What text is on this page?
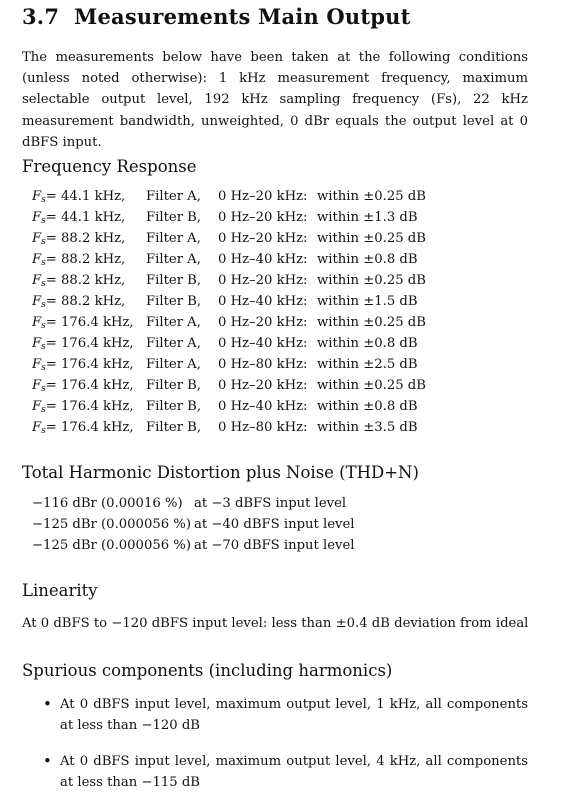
3.7 Measurements Main Output

The measurements below have been taken at the following conditions (unless noted otherwise): 1 kHz measurement frequency, maximum selectable output level, 192 kHz sampling frequency (Fs), 22 kHz measurement bandwidth, unweighted, 0 dBr equals the output level at 0 dBFS input.

Frequency Response
Fs= 44.1 kHz, Filter A, 0 Hz–20 kHz: within ±0.25 dB
Fs= 44.1 kHz, Filter B, 0 Hz–20 kHz: within ±1.3 dB
Fs= 88.2 kHz, Filter A, 0 Hz–20 kHz: within ±0.25 dB
Fs= 88.2 kHz, Filter A, 0 Hz–40 kHz: within ±0.8 dB
Fs= 88.2 kHz, Filter B, 0 Hz–20 kHz: within ±0.25 dB
Fs= 88.2 kHz, Filter B, 0 Hz–40 kHz: within ±1.5 dB
Fs= 176.4 kHz, Filter A, 0 Hz–20 kHz: within ±0.25 dB
Fs= 176.4 kHz, Filter A, 0 Hz–40 kHz: within ±0.8 dB
Fs= 176.4 kHz, Filter A, 0 Hz–80 kHz: within ±2.5 dB
Fs= 176.4 kHz, Filter B, 0 Hz–20 kHz: within ±0.25 dB
Fs= 176.4 kHz, Filter B, 0 Hz–40 kHz: within ±0.8 dB
Fs= 176.4 kHz, Filter B, 0 Hz–80 kHz: within ±3.5 dB
Total Harmonic Distortion plus Noise (THD+N)
−116 dBr (0.00016 %) at −3 dBFS input level
−125 dBr (0.000056 %) at −40 dBFS input level
−125 dBr (0.000056 %) at −70 dBFS input level
Linearity

At 0 dBFS to −120 dBFS input level: less than ±0.4 dB deviation from ideal

Spurious components (including harmonics)

• At 0 dBFS input level, maximum output level, 1 kHz, all components at less than −120 dB

• At 0 dBFS input level, maximum output level, 4 kHz, all components at less than −115 dB
